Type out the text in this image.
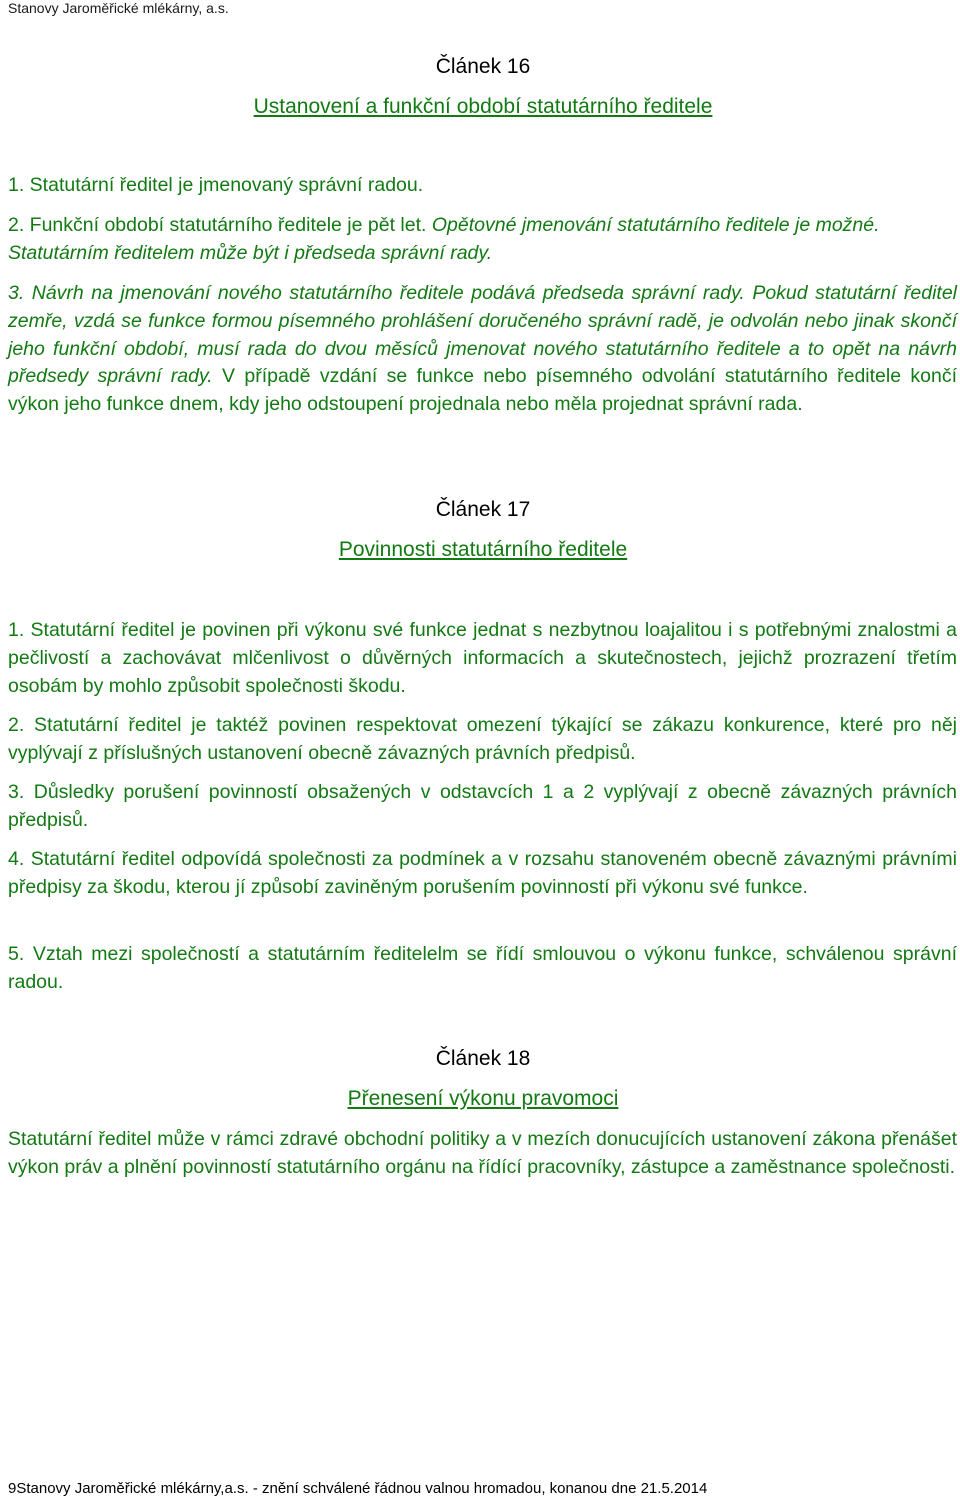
Stanovy Jaroměřické mlékárny, a.s.
Článek 16
Ustanovení a funkční období statutárního ředitele
1. Statutární ředitel je jmenovaný správní radou.
2. Funkční období statutárního ředitele je pět let. Opětovné jmenování statutárního ředitele je možné. Statutárním ředitelem může být i předseda správní rady.
3. Návrh na jmenování nového statutárního ředitele podává předseda správní rady. Pokud statutární ředitel zemře, vzdá se funkce formou písemného prohlášení doručeného správní radě, je odvolán nebo jinak skončí jeho funkční období, musí rada do dvou měsíců jmenovat nového statutárního ředitele a to opět na návrh předsedy správní rady. V případě vzdání se funkce nebo písemného odvolání statutárního ředitele končí výkon jeho funkce dnem, kdy jeho odstoupení projednala nebo měla projednat správní rada.
Článek 17
Povinnosti statutárního ředitele
1. Statutární ředitel je povinen při výkonu své funkce jednat s nezbytnou loajalitou i s potřebnými znalostmi a pečlivostí a zachovávat mlčenlivost o důvěrných informacích a skutečnostech, jejichž prozrazení třetím osobám by mohlo způsobit společnosti škodu.
2. Statutární ředitel je taktéž povinen respektovat omezení týkající se zákazu konkurence, které pro něj vyplývají z příslušných ustanovení obecně závazných právních předpisů.
3. Důsledky porušení povinností obsažených v odstavcích 1 a 2 vyplývají z obecně závazných právních předpisů.
4. Statutární ředitel odpovídá společnosti za podmínek a v rozsahu stanoveném obecně závaznými právními předpisy za škodu, kterou jí způsobí zaviněným porušením povinností při výkonu své funkce.
5. Vztah mezi společností a statutárním ředitelelm se řídí smlouvou o výkonu funkce, schválenou správní radou.
Článek 18
Přenesení výkonu pravomoci
Statutární ředitel může v rámci zdravé obchodní politiky a v mezích donucujících ustanovení zákona přenášet výkon práv a plnění povinností statutárního orgánu na řídící pracovníky, zástupce a zaměstnance společnosti.
9Stanovy Jaroměřické mlékárny,a.s. - znění schválené řádnou valnou hromadou, konanou dne 21.5.2014
